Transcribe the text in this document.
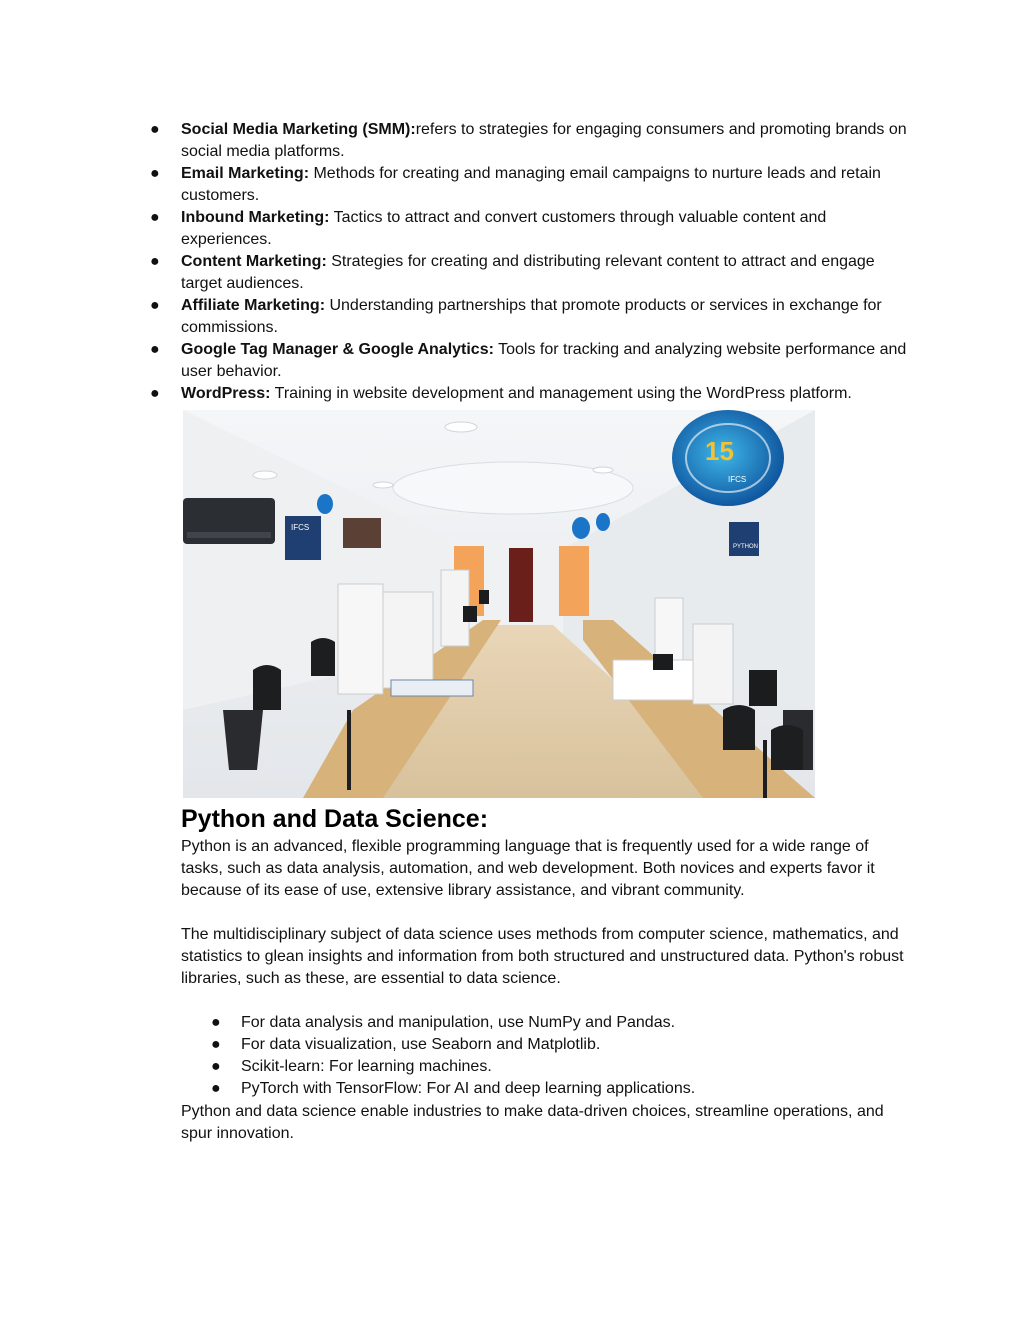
●	Social Media Marketing (SMM):refers to strategies for engaging consumers and promoting brands on social media platforms.
●	Email Marketing: Methods for creating and managing email campaigns to nurture leads and retain customers.
●	Inbound Marketing: Tactics to attract and convert customers through valuable content and experiences.
●	Content Marketing: Strategies for creating and distributing relevant content to attract and engage target audiences.
●	Affiliate Marketing: Understanding partnerships that promote products or services in exchange for commissions.
●	Google Tag Manager & Google Analytics: Tools for tracking and analyzing website performance and user behavior.
●	WordPress: Training in website development and management using the WordPress platform.
IFCS
PYTHON
15
IFCS
Python and Data Science:

Python is an advanced, flexible programming language that is frequently used for a wide range of tasks, such as data analysis, automation, and web development. Both novices and experts favor it because of its ease of use, extensive library assistance, and vibrant community.

The multidisciplinary subject of data science uses methods from computer science, mathematics, and statistics to glean insights and information from both structured and unstructured data. Python's robust libraries, such as these, are essential to data science.

●	For data analysis and manipulation, use NumPy and Pandas.
●	For data visualization, use Seaborn and Matplotlib.
●	Scikit-learn: For learning machines.
●	PyTorch with TensorFlow: For AI and deep learning applications.

Python and data science enable industries to make data-driven choices, streamline operations, and spur innovation.
